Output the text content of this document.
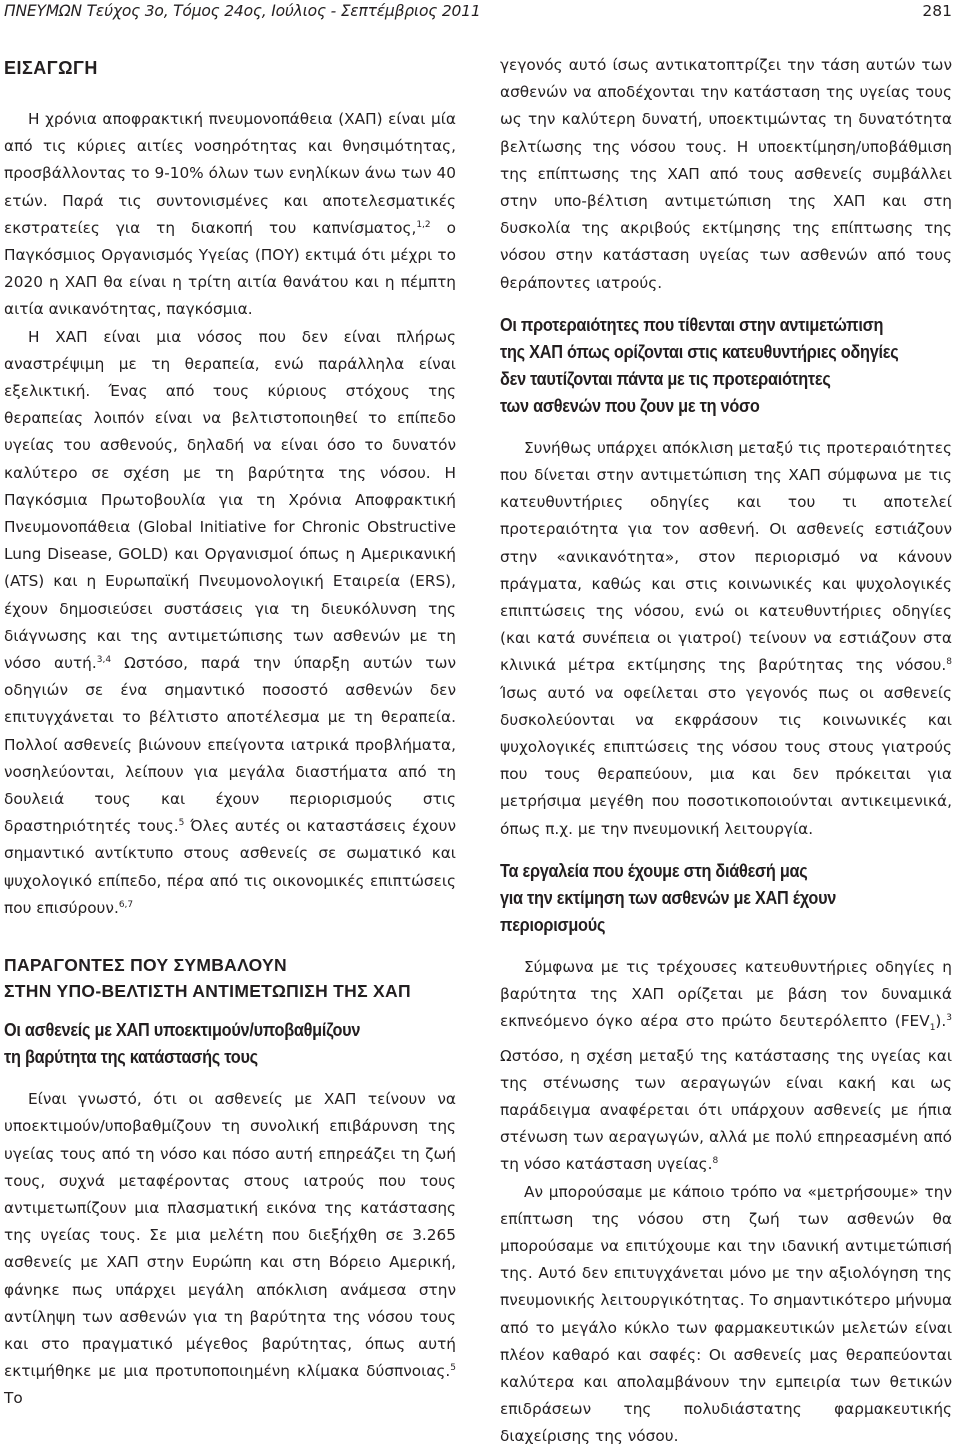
ΠΝΕΥΜΩΝ Τεύχος 3ο, Τόμος 24ος, Ιούλιος - Σεπτέμβριος 2011	281
ΕΙΣΑΓΩΓΗ

Η χρόνια αποφρακτική πνευμονοπάθεια (ΧΑΠ) είναι μία από τις κύριες αιτίες νοσηρότητας και θνησιμότητας, προσβάλλοντας το 9-10% όλων των ενηλίκων άνω των 40 ετών. Παρά τις συντονισμένες και αποτελεσματικές εκστρατείες για τη διακοπή του καπνίσματος,$^{1,2}$ ο Παγκόσμιος Οργανισμός Υγείας (ΠΟΥ) εκτιμά ότι μέχρι το 2020 η ΧΑΠ θα είναι η τρίτη αιτία θανάτου και η πέμπτη αιτία ανικανότητας, παγκόσμια.

Η ΧΑΠ είναι μια νόσος που δεν είναι πλήρως αναστρέψιμη με τη θεραπεία, ενώ παράλληλα είναι εξελικτική. Ένας από τους κύριους στόχους της θεραπείας λοιπόν είναι να βελτιστοποιηθεί το επίπεδο υγείας του ασθενούς, δηλαδή να είναι όσο το δυνατόν καλύτερο σε σχέση με τη βαρύτητα της νόσου. Η Παγκόσμια Πρωτοβουλία για τη Χρόνια Αποφρακτική Πνευμονοπάθεια (Global Initiative for Chronic Obstructive Lung Disease, GOLD) και Οργανισμοί όπως η Αμερικανική (ATS) και η Ευρωπαϊκή Πνευμονολογική Εταιρεία (ERS), έχουν δημοσιεύσει συστάσεις για τη διευκόλυνση της διάγνωσης και της αντιμετώπισης των ασθενών με τη νόσο αυτή.$^{3,4}$ Ωστόσο, παρά την ύπαρξη αυτών των οδηγιών σε ένα σημαντικό ποσοστό ασθενών δεν επιτυγχάνεται το βέλτιστο αποτέλεσμα με τη θεραπεία. Πολλοί ασθενείς βιώνουν επείγοντα ιατρικά προβλήματα, νοσηλεύονται, λείπουν για μεγάλα διαστήματα από τη δουλειά τους και έχουν περιορισμούς στις δραστηριότητές τους.$^5$ Όλες αυτές οι καταστάσεις έχουν σημαντικό αντίκτυπο στους ασθενείς σε σωματικό και ψυχολογικό επίπεδο, πέρα από τις οικονομικές επιπτώσεις που επισύρουν.$^{6,7}$

ΠΑΡΑΓΟΝΤΕΣ ΠΟΥ ΣΥΜΒΑΛΟΥΝ
ΣΤΗΝ ΥΠΟ-ΒΕΛΤΙΣΤΗ ΑΝΤΙΜΕΤΩΠΙΣΗ ΤΗΣ ΧΑΠ
Οι ασθενείς με ΧΑΠ υποεκτιμούν/υποβαθμίζουν
τη βαρύτητα της κατάστασής τους

Είναι γνωστό, ότι οι ασθενείς με ΧΑΠ τείνουν να υποεκτιμούν/υποβαθμίζουν τη συνολική επιβάρυνση της υγείας τους από τη νόσο και πόσο αυτή επηρεάζει τη ζωή τους, συχνά μεταφέροντας στους ιατρούς που τους αντιμετωπίζουν μια πλασματική εικόνα της κατάστασης της υγείας τους. Σε μια μελέτη που διεξήχθη σε 3.265 ασθενείς με ΧΑΠ στην Ευρώπη και στη Βόρειο Αμερική, φάνηκε πως υπάρχει μεγάλη απόκλιση ανάμεσα στην αντίληψη των ασθενών για τη βαρύτητα της νόσου τους και στο πραγματικό μέγεθος βαρύτητας, όπως αυτή εκτιμήθηκε με μια προτυποποιημένη κλίμακα δύσπνοιας.$^5$ Το

γεγονός αυτό ίσως αντικατοπτρίζει την τάση αυτών των ασθενών να αποδέχονται την κατάσταση της υγείας τους ως την καλύτερη δυνατή, υποεκτιμώντας τη δυνατότητα βελτίωσης της νόσου τους. Η υποεκτίμηση/υποβάθμιση της επίπτωσης της ΧΑΠ από τους ασθενείς συμβάλλει στην υπο-βέλτιση αντιμετώπιση της ΧΑΠ και στη δυσκολία της ακριβούς εκτίμησης της επίπτωσης της νόσου στην κατάσταση υγείας των ασθενών από τους θεράποντες ιατρούς.

Οι προτεραιότητες που τίθενται στην αντιμετώπιση
της ΧΑΠ όπως ορίζονται στις κατευθυντήριες οδηγίες
δεν ταυτίζονται πάντα με τις προτεραιότητες
των ασθενών που ζουν με τη νόσο

Συνήθως υπάρχει απόκλιση μεταξύ τις προτεραιότητες που δίνεται στην αντιμετώπιση της ΧΑΠ σύμφωνα με τις κατευθυντήριες οδηγίες και του τι αποτελεί προτεραιότητα για τον ασθενή. Οι ασθενείς εστιάζουν στην «ανικανότητα», στον περιορισμό να κάνουν πράγματα, καθώς και στις κοινωνικές και ψυχολογικές επιπτώσεις της νόσου, ενώ οι κατευθυντήριες οδηγίες (και κατά συνέπεια οι γιατροί) τείνουν να εστιάζουν στα κλινικά μέτρα εκτίμησης της βαρύτητας της νόσου.$^8$ Ίσως αυτό να οφείλεται στο γεγονός πως οι ασθενείς δυσκολεύονται να εκφράσουν τις κοινωνικές και ψυχολογικές επιπτώσεις της νόσου τους στους γιατρούς που τους θεραπεύουν, μια και δεν πρόκειται για μετρήσιμα μεγέθη που ποσοτικοποιούνται αντικειμενικά, όπως π.χ. με την πνευμονική λειτουργία.

Τα εργαλεία που έχουμε στη διάθεσή μας
για την εκτίμηση των ασθενών με ΧΑΠ έχουν
περιορισμούς

Σύμφωνα με τις τρέχουσες κατευθυντήριες οδηγίες η βαρύτητα της ΧΑΠ ορίζεται με βάση τον δυναμικά εκπνεόμενο όγκο αέρα στο πρώτο δευτερόλεπτο $(FEV_1).^3$ Ωστόσο, η σχέση μεταξύ της κατάστασης της υγείας και της στένωσης των αεραγωγών είναι κακή και ως παράδειγμα αναφέρεται ότι υπάρχουν ασθενείς με ήπια στένωση των αεραγωγών, αλλά με πολύ επηρεασμένη από τη νόσο κατάσταση υγείας.$^8$

Αν μπορούσαμε με κάποιο τρόπο να «μετρήσουμε» την επίπτωση της νόσου στη ζωή των ασθενών θα μπορούσαμε να επιτύχουμε και την ιδανική αντιμετώπισή της. Αυτό δεν επιτυγχάνεται μόνο με την αξιολόγηση της πνευμονικής λειτουργικότητας. Το σημαντικότερο μήνυμα από το μεγάλο κύκλο των φαρμακευτικών μελετών είναι πλέον καθαρό και σαφές: Οι ασθενείς μας θεραπεύονται καλύτερα και απολαμβάνουν την εμπειρία των θετικών επιδράσεων της πολυδιάστατης φαρμακευτικής διαχείρισης της νόσου.
